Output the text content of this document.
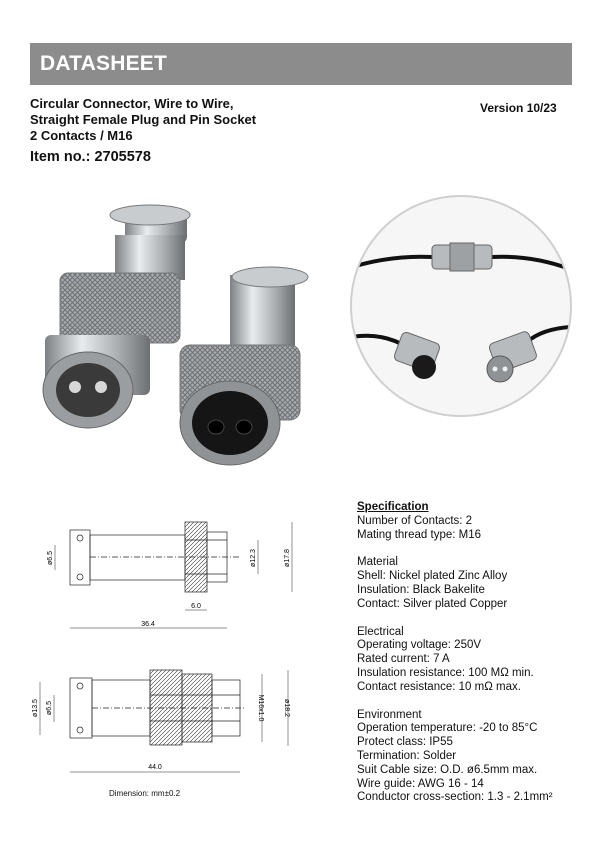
DATASHEET
Circular Connector, Wire to Wire,
Straight Female Plug and Pin Socket
2 Contacts / M16
Version 10/23
Item no.: 2705578
ø6.5	ø12.3	ø17.8
6.0
36.4
ø13.5 ø6.5	M16x1.0	ø18.2
44.0
Dimension: mm±0.2
Specification
Number of Contacts: 2
Mating thread type: M16
Material
Shell: Nickel plated Zinc Alloy
Insulation: Black Bakelite
Contact: Silver plated Copper
Electrical
Operating voltage: 250V
Rated current: 7 A
Insulation resistance: 100 MΩ min.
Contact resistance: 10 mΩ max.
Environment
Operation temperature: -20 to 85°C
Protect class: IP55
Termination: Solder
Suit Cable size: O.D. ø6.5mm max.
Wire guide: AWG 16 - 14
Conductor cross-section: 1.3 - 2.1mm²
